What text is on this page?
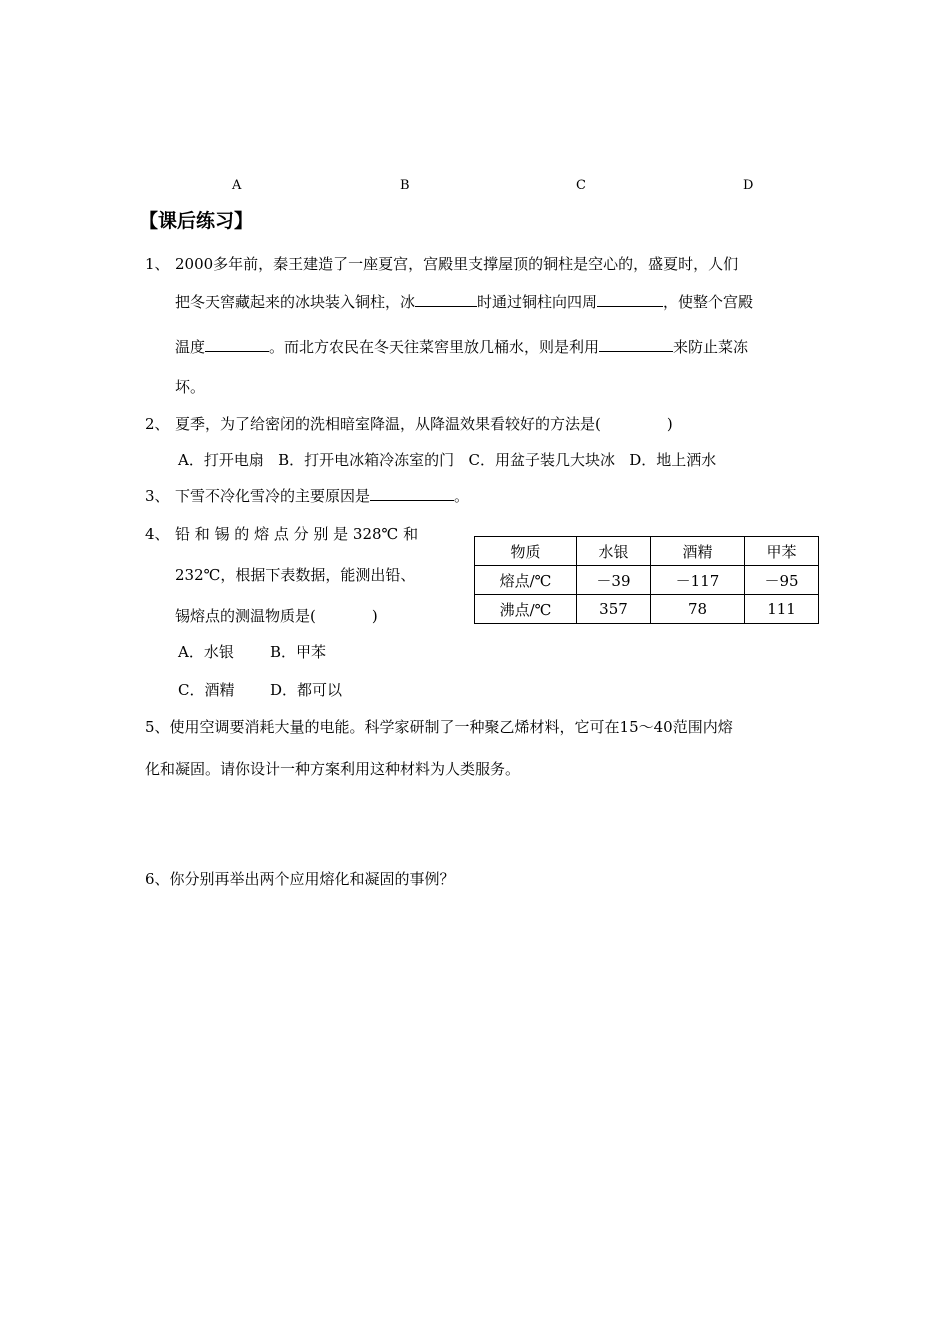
A	B	C	D
【课后练习】
1、 2000多年前，秦王建造了一座夏宫，宫殿里支撑屋顶的铜柱是空心的，盛夏时，人们
把冬天窖藏起来的冰块装入铜柱，冰	时通过铜柱向四周	，使整个宫殿
温度	。而北方农民在冬天往菜窖里放几桶水，则是利用	来防止菜冻
坏。
2、 夏季，为了给密闭的洗相暗室降温，从降温效果看较好的方法是(	)
A．打开电扇   B．打开电冰箱冷冻室的门   C．用盆子装几大块冰   D．地上洒水
3、 下雪不冷化雪冷的主要原因是	。
4、 铅 和 锡 的 熔 点 分 别 是 328℃ 和
232℃，根据下表数据，能测出铅、
锡熔点的测温物质是(	)
A．水银 B．甲苯
C．酒精 D．都可以
物质	水银	酒精	甲苯
熔点/℃	－39	－117	－95
沸点/℃	357	78	111
5、使用空调要消耗大量的电能。科学家研制了一种聚乙烯材料，它可在15～40范围内熔
化和凝固。请你设计一种方案利用这种材料为人类服务。
6、你分别再举出两个应用熔化和凝固的事例？
